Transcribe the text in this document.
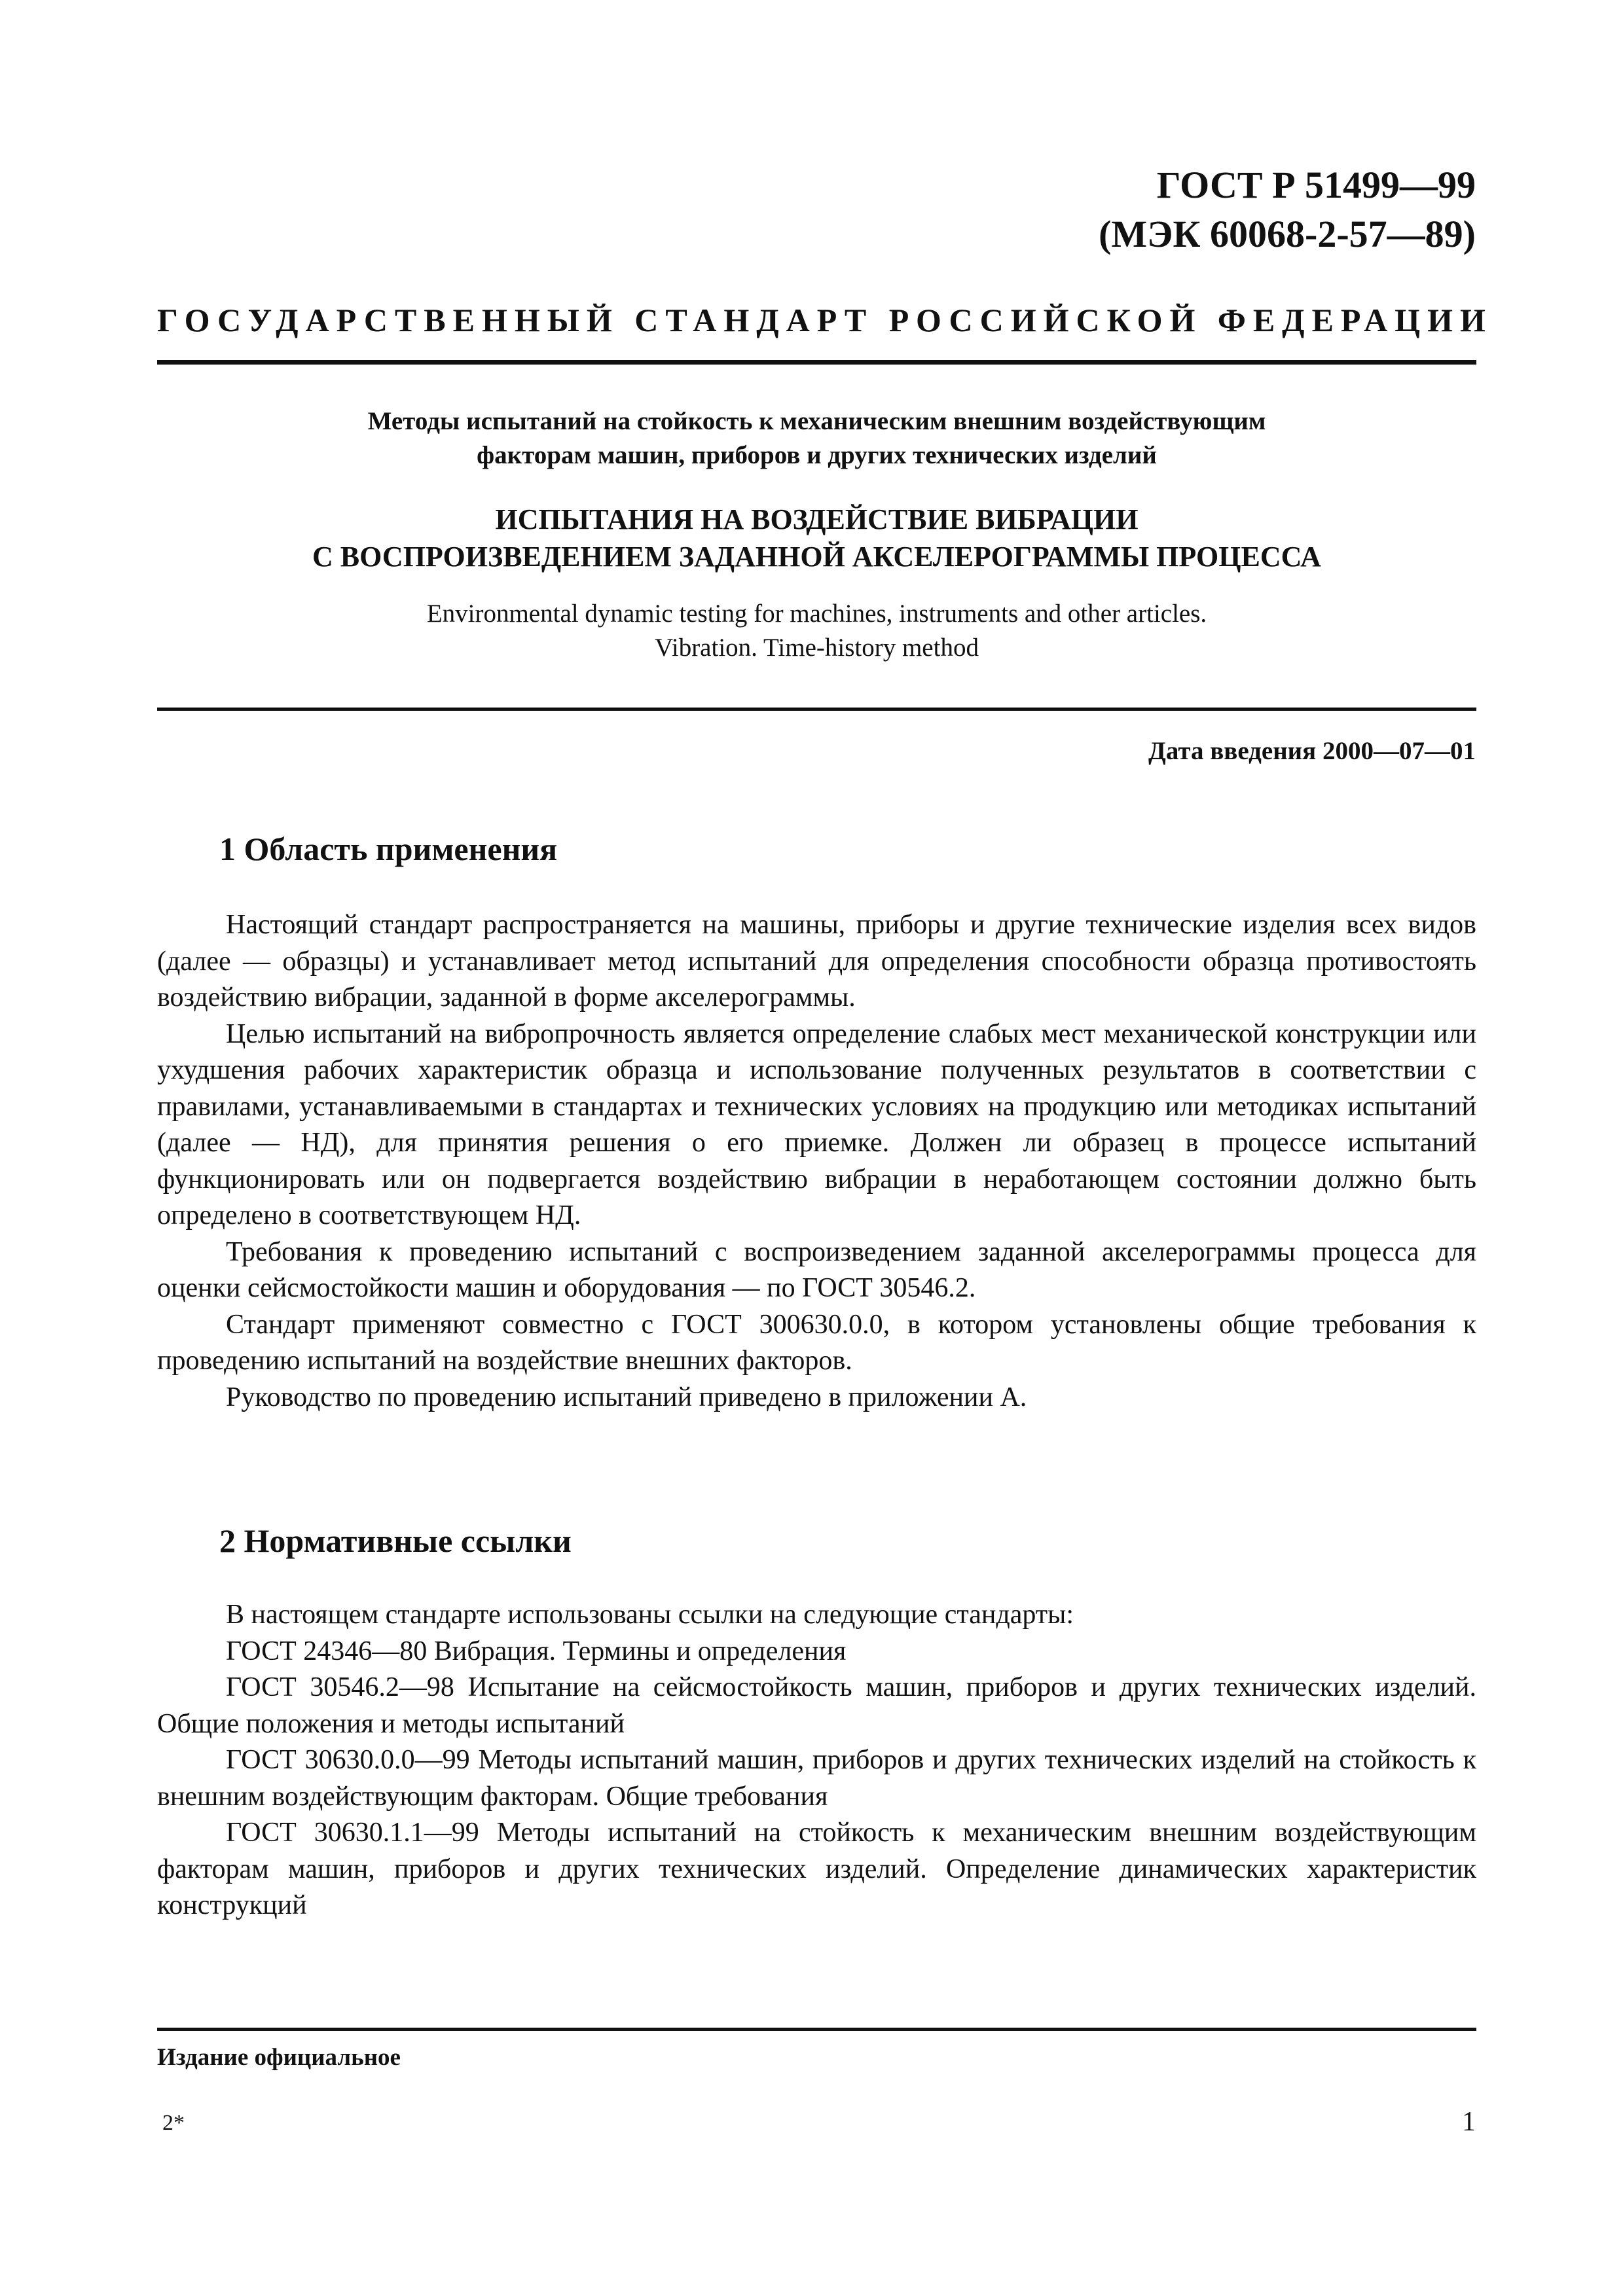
ГОСТ Р 51499—99
(МЭК 60068-2-57—89)
ГОСУДАРСТВЕННЫЙ СТАНДАРТ РОССИЙСКОЙ ФЕДЕРАЦИИ
Методы испытаний на стойкость к механическим внешним воздействующим
факторам машин, приборов и других технических изделий
ИСПЫТАНИЯ НА ВОЗДЕЙСТВИЕ ВИБРАЦИИ
С ВОСПРОИЗВЕДЕНИЕМ ЗАДАННОЙ АКСЕЛЕРОГРАММЫ ПРОЦЕССА
Environmental dynamic testing for machines, instruments and other articles.
Vibration. Time-history method
Дата введения 2000—07—01
1 Область применения

Настоящий стандарт распространяется на машины, приборы и другие технические изделия всех видов (далее — образцы) и устанавливает метод испытаний для определения способности образца противостоять воздействию вибрации, заданной в форме акселерограммы.

Целью испытаний на вибропрочность является определение слабых мест механической конструкции или ухудшения рабочих характеристик образца и использование полученных результатов в соответствии с правилами, устанавливаемыми в стандартах и технических условиях на продукцию или методиках испытаний (далее — НД), для принятия решения о его приемке. Должен ли образец в процессе испытаний функционировать или он подвергается воздействию вибрации в неработающем состоянии должно быть определено в соответствующем НД.

Требования к проведению испытаний с воспроизведением заданной акселерограммы процесса для оценки сейсмостойкости машин и оборудования — по ГОСТ 30546.2.

Стандарт применяют совместно с ГОСТ 300630.0.0, в котором установлены общие требования к проведению испытаний на воздействие внешних факторов.

Руководство по проведению испытаний приведено в приложении А.

2 Нормативные ссылки

В настоящем стандарте использованы ссылки на следующие стандарты:

ГОСТ 24346—80 Вибрация. Термины и определения

ГОСТ 30546.2—98 Испытание на сейсмостойкость машин, приборов и других технических изделий. Общие положения и методы испытаний

ГОСТ 30630.0.0—99 Методы испытаний машин, приборов и других технических изделий на стойкость к внешним воздействующим факторам. Общие требования

ГОСТ 30630.1.1—99 Методы испытаний на стойкость к механическим внешним воздействующим факторам машин, приборов и других технических изделий. Определение динамических характеристик конструкций

Издание официальное
2*	1
